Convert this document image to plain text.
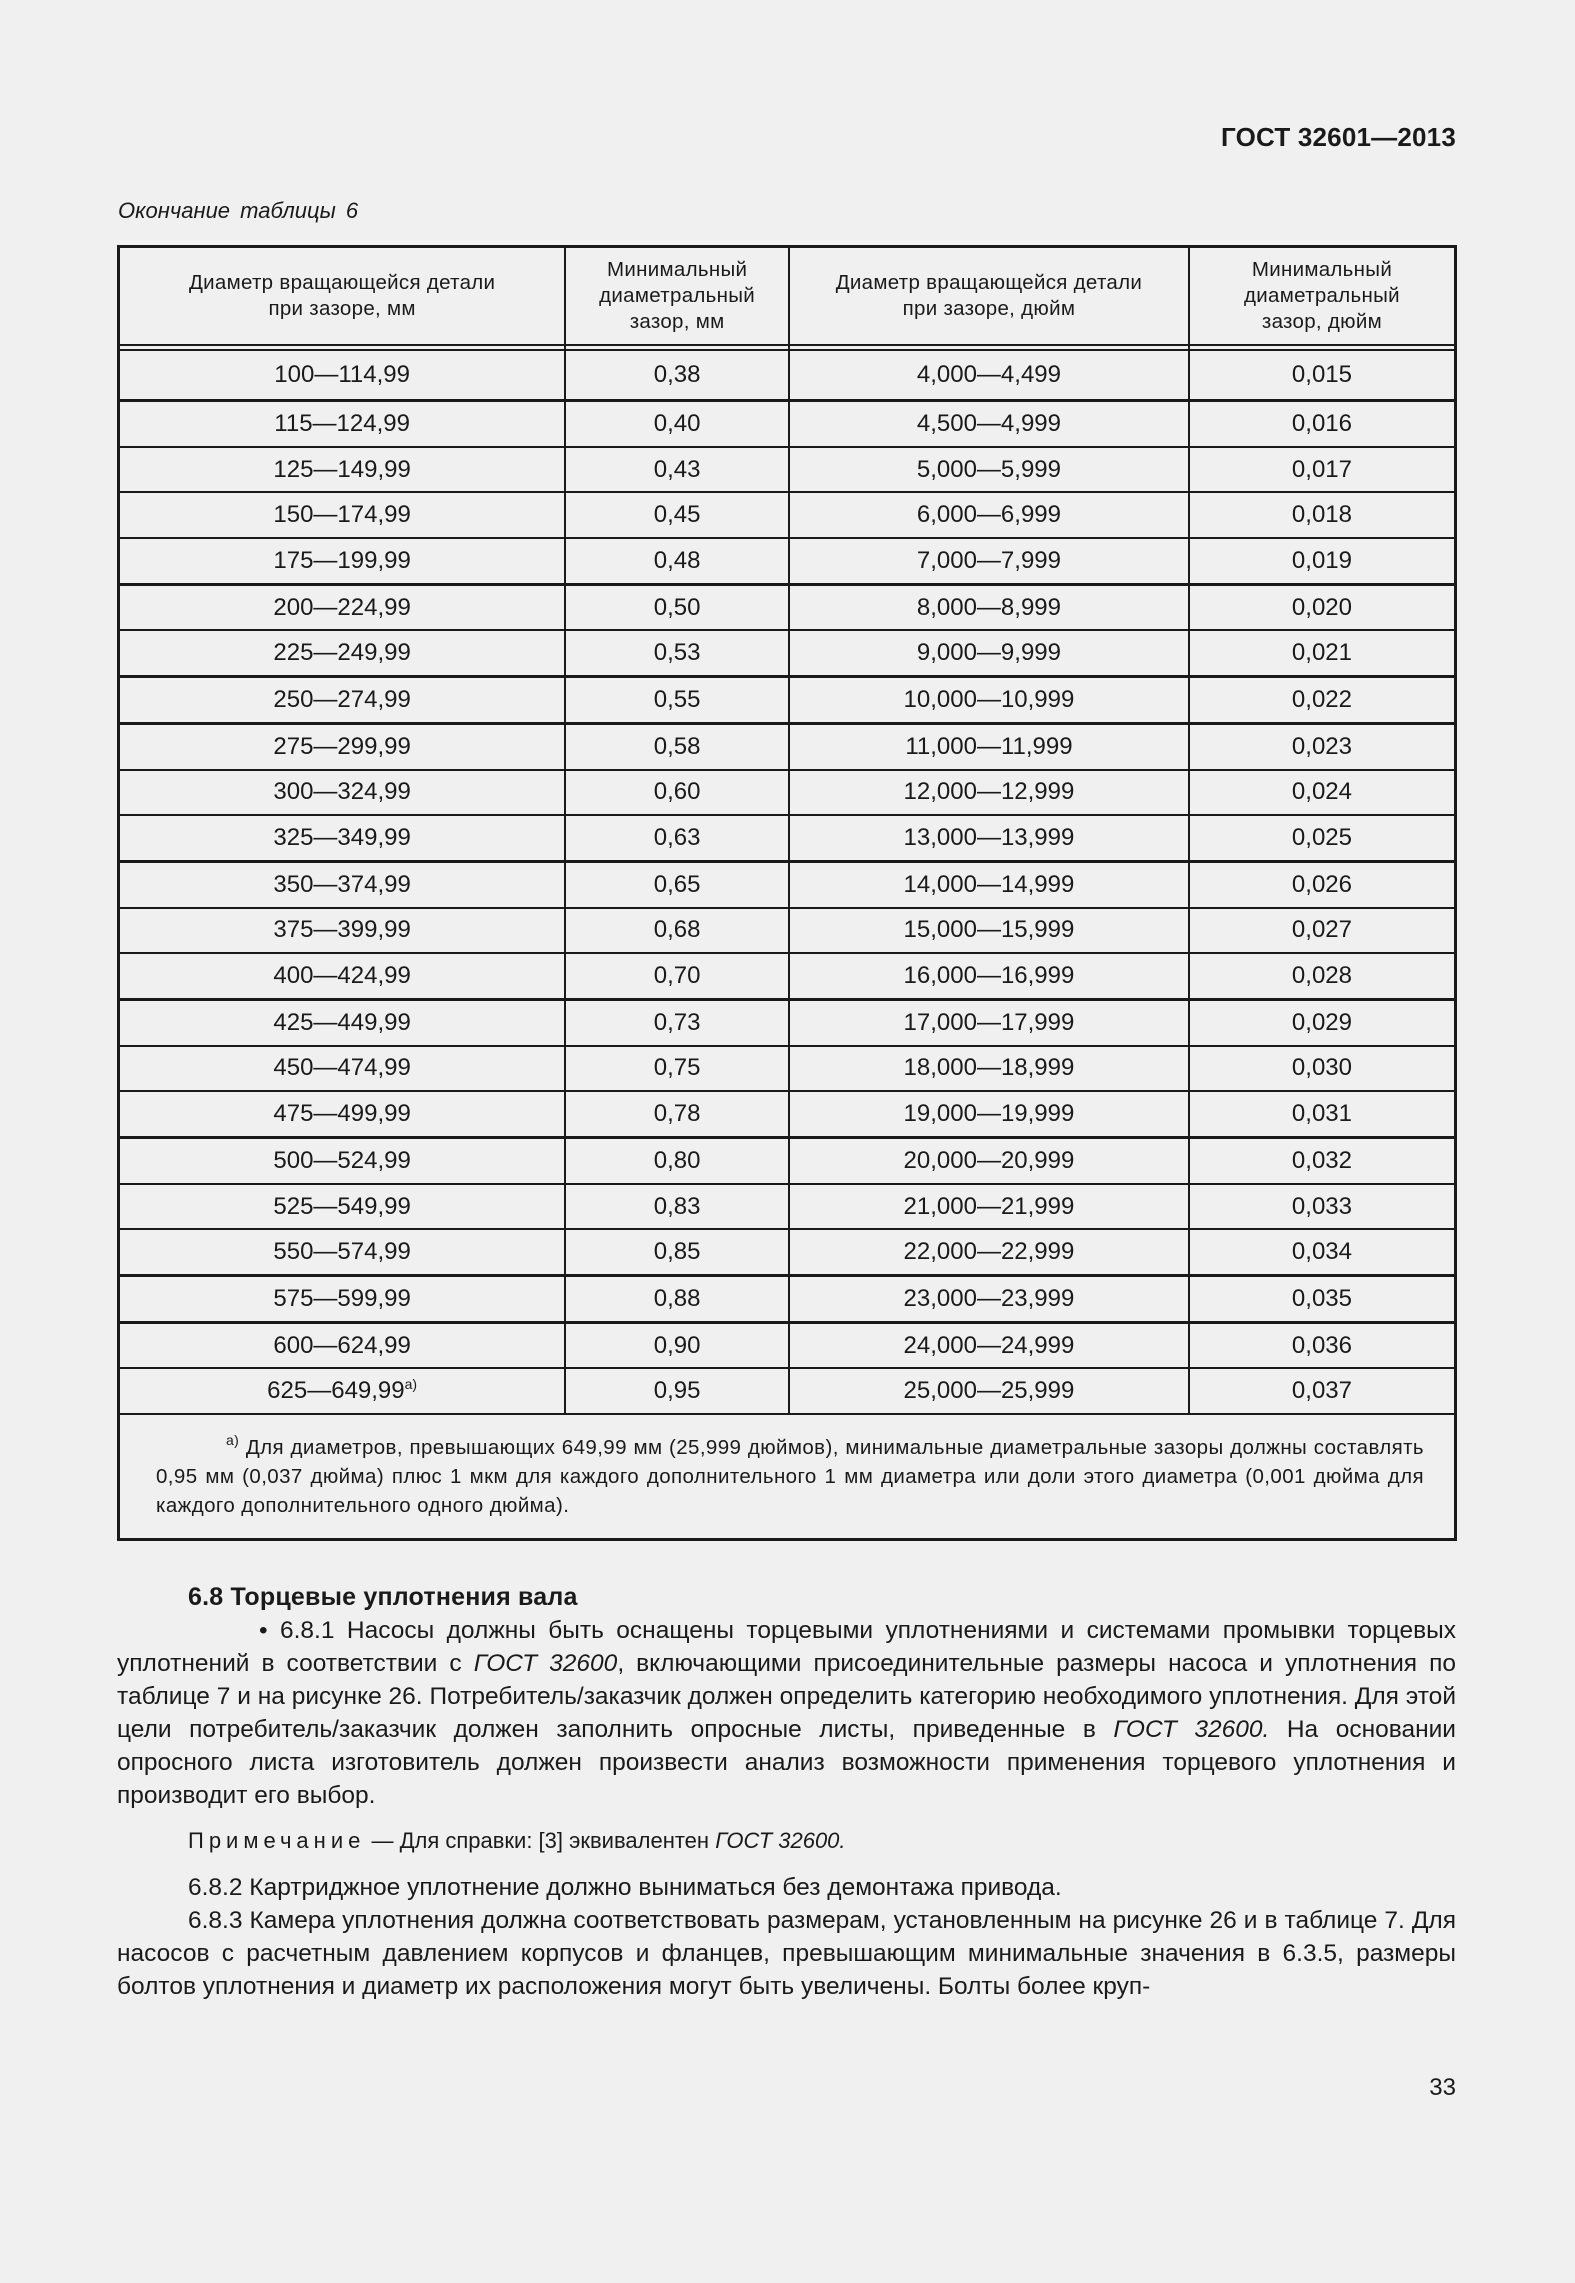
ГОСТ 32601—2013
Окончание таблицы 6
Диаметр вращающейся детали
при зазоре, мм

Минимальный
диаметральный
зазор, мм

Диаметр вращающейся детали
при зазоре, дюйм

Минимальный
диаметральный
зазор, дюйм

100—114,99	0,38	4,000—4,499	0,015
115—124,99	0,40	4,500—4,999	0,016
125—149,99	0,43	5,000—5,999	0,017
150—174,99	0,45	6,000—6,999	0,018
175—199,99	0,48	7,000—7,999	0,019
200—224,99	0,50	8,000—8,999	0,020
225—249,99	0,53	9,000—9,999	0,021
250—274,99	0,55	10,000—10,999	0,022
275—299,99	0,58	11,000—11,999	0,023
300—324,99	0,60	12,000—12,999	0,024
325—349,99	0,63	13,000—13,999	0,025
350—374,99	0,65	14,000—14,999	0,026
375—399,99	0,68	15,000—15,999	0,027
400—424,99	0,70	16,000—16,999	0,028
425—449,99	0,73	17,000—17,999	0,029
450—474,99	0,75	18,000—18,999	0,030
475—499,99	0,78	19,000—19,999	0,031
500—524,99	0,80	20,000—20,999	0,032
525—549,99	0,83	21,000—21,999	0,033
550—574,99	0,85	22,000—22,999	0,034
575—599,99	0,88	23,000—23,999	0,035
600—624,99	0,90	24,000—24,999	0,036
625—649,99$^{a)}$	0,95	25,000—25,999	0,037

$^{a)}$ Для диаметров, превышающих 649,99 мм (25,999 дюймов), минимальные диаметральные зазоры должны составлять 0,95 мм (0,037 дюйма) плюс 1 мкм для каждого дополнительного 1 мм диаметра или доли этого диаметра (0,001 дюйма для каждого дополнительного одного дюйма).			

6.8 Торцевые уплотнения вала

• 6.8.1 Насосы должны быть оснащены торцевыми уплотнениями и системами промывки торцевых уплотнений в соответствии с ГОСТ 32600, включающими присоединительные размеры насоса и уплотнения по таблице 7 и на рисунке 26. Потребитель/заказчик должен определить категорию необходимого уплотнения. Для этой цели потребитель/заказчик должен заполнить опросные листы, приведенные в ГОСТ 32600. На основании опросного листа изготовитель должен произвести анализ возможности применения торцевого уплотнения и производит его выбор.

Примечание — Для справки: [3] эквивалентен ГОСТ 32600.

6.8.2 Картриджное уплотнение должно выниматься без демонтажа привода.

6.8.3 Камера уплотнения должна соответствовать размерам, установленным на рисунке 26 и в таблице 7. Для насосов с расчетным давлением корпусов и фланцев, превышающим минимальные значения в 6.3.5, размеры болтов уплотнения и диаметр их расположения могут быть увеличены. Болты более круп-

33
